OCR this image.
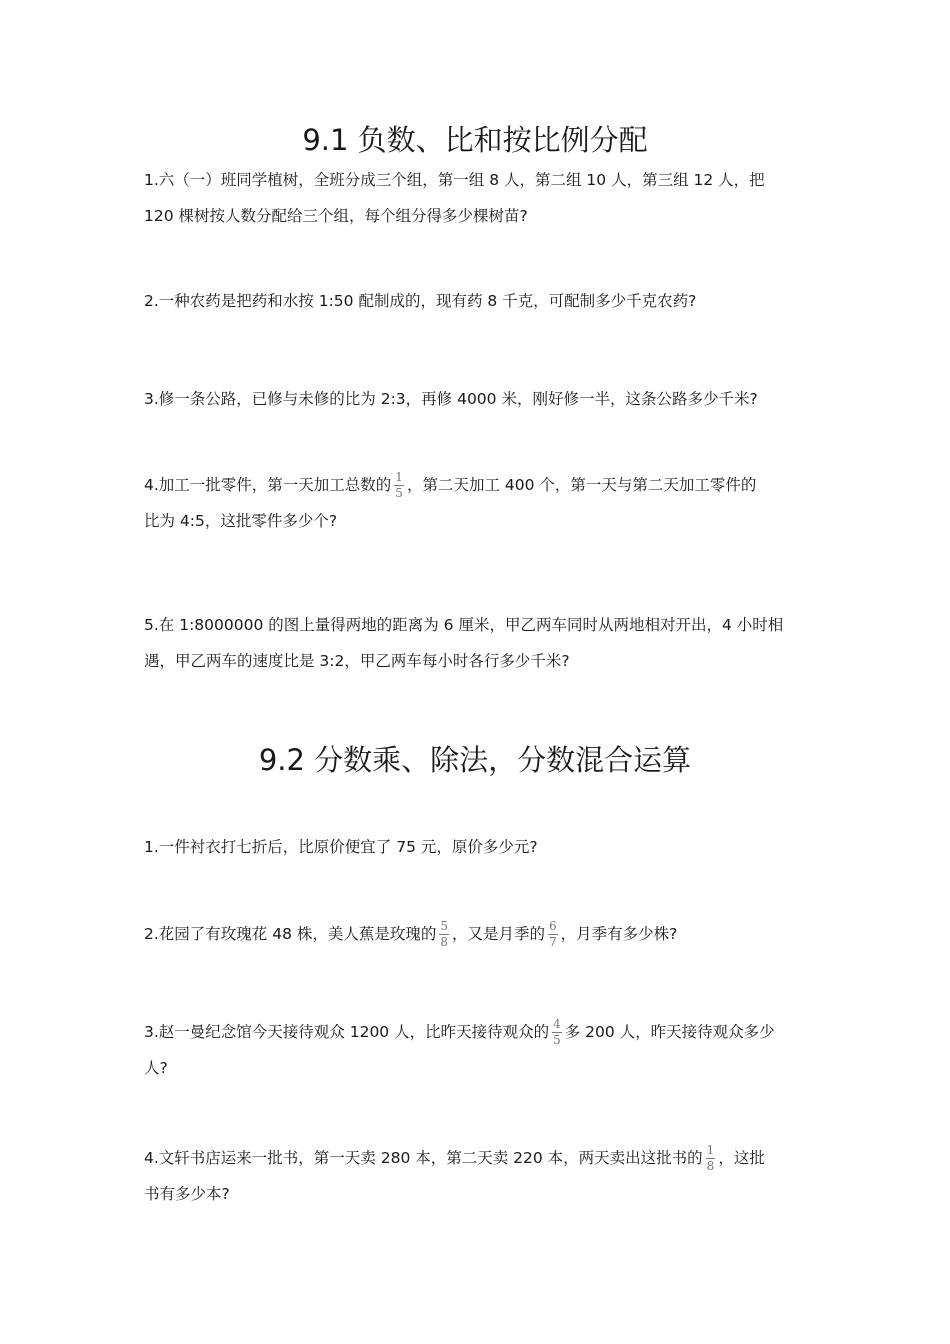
9.1 负数、比和按比例分配
1.六（一）班同学植树，全班分成三个组，第一组 8 人，第二组 10 人，第三组 12 人，把
120 棵树按人数分配给三个组，每个组分得多少棵树苗?
2.一种农药是把药和水按 1:50 配制成的，现有药 8 千克，可配制多少千克农药?
3.修一条公路，已修与未修的比为 2:3，再修 4000 米，刚好修一半，这条公路多少千米?
4.加工一批零件，第一天加工总数的 $\frac{1}{5}$ ，第二天加工 400 个，第一天与第二天加工零件的
比为 4:5，这批零件多少个?
5.在 1:8000000 的图上量得两地的距离为 6 厘米，甲乙两车同时从两地相对开出，4 小时相
遇，甲乙两车的速度比是 3:2，甲乙两车每小时各行多少千米?
9.2 分数乘、除法，分数混合运算
1.一件衬衣打七折后，比原价便宜了 75 元，原价多少元?
2.花园了有玫瑰花 48 株，美人蕉是玫瑰的 $\frac{5}{8}$ ，又是月季的 $\frac{6}{7}$ ，月季有多少株?
3.赵一曼纪念馆今天接待观众 1200 人，比昨天接待观众的 $\frac{4}{5}$ 多 200 人，昨天接待观众多少
人?
4.文轩书店运来一批书，第一天卖 280 本，第二天卖 220 本，两天卖出这批书的 $\frac{1}{8}$ ，这批
书有多少本?
